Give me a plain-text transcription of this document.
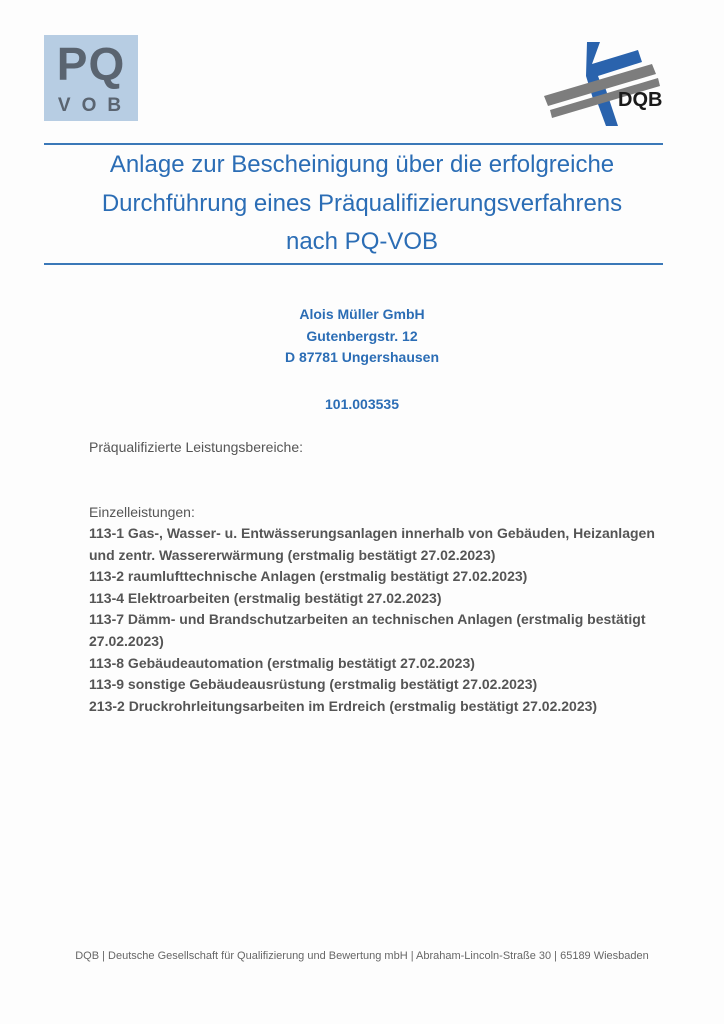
PQ
VOB	DQB
Anlage zur Bescheinigung über die erfolgreiche
Durchführung eines Präqualifizierungsverfahrens
nach PQ-VOB
Alois Müller GmbH
Gutenbergstr. 12
D 87781 Ungershausen
101.003535
Präqualifizierte Leistungsbereiche:
Einzelleistungen:
113-1 Gas-, Wasser- u. Entwässerungsanlagen innerhalb von Gebäuden, Heizanlagen
und zentr. Wassererwärmung (erstmalig bestätigt 27.02.2023)
113-2 raumlufttechnische Anlagen (erstmalig bestätigt 27.02.2023)
113-4 Elektroarbeiten (erstmalig bestätigt 27.02.2023)
113-7 Dämm- und Brandschutzarbeiten an technischen Anlagen (erstmalig bestätigt
27.02.2023)
113-8 Gebäudeautomation (erstmalig bestätigt 27.02.2023)
113-9 sonstige Gebäudeausrüstung (erstmalig bestätigt 27.02.2023)
213-2 Druckrohrleitungsarbeiten im Erdreich (erstmalig bestätigt 27.02.2023)
DQB | Deutsche Gesellschaft für Qualifizierung und Bewertung mbH | Abraham-Lincoln-Straße 30 | 65189 Wiesbaden
